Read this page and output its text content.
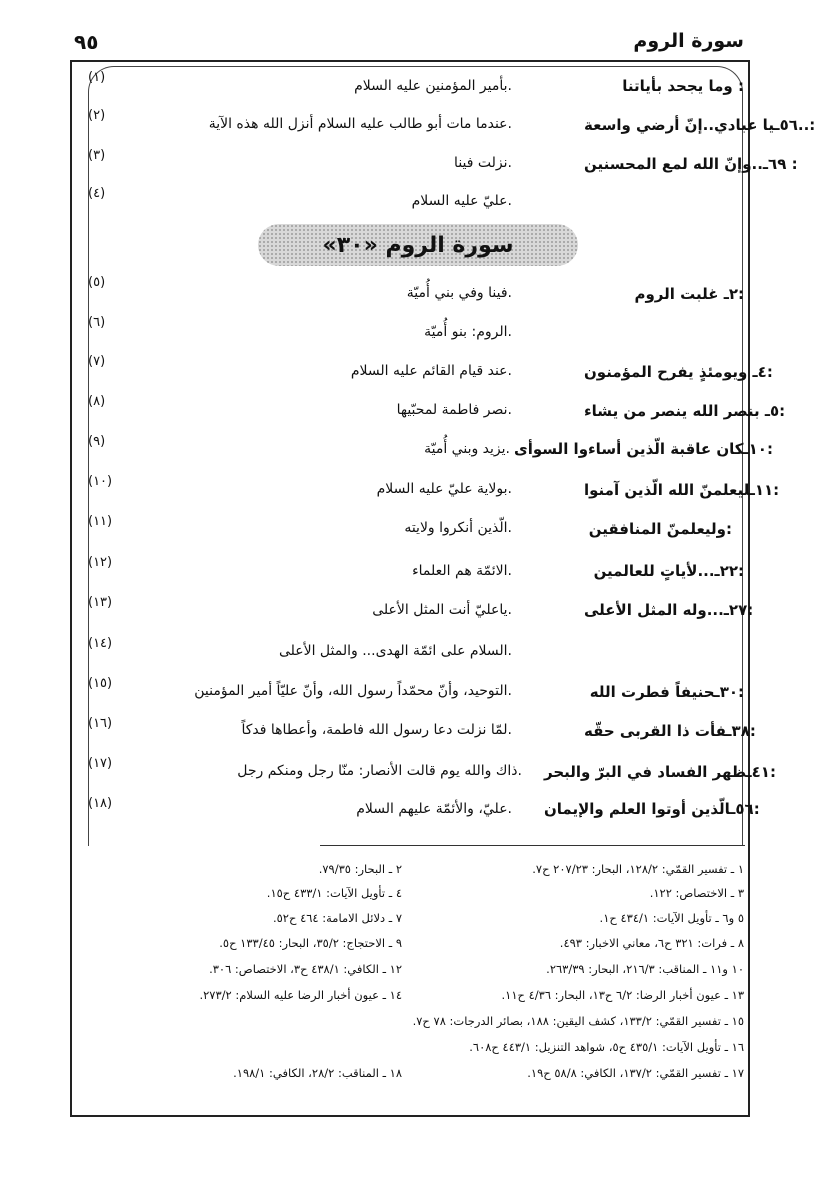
٩٥	سورة الروم
وما يجحد بأياتنا :
بأمير المؤمنين عليه السلام.
(١)
٥٦ـيا عبادي..إنّ أرضي واسعة..:
عندما مات أبو طالب عليه السلام أنزل الله هذه الآية.
(٢)
٦٩ـ..وإنّ الله لمع المحسنين :
نزلت فينا.
(٣)
عليّ عليه السلام.
(٤)
سورة الروم «٣٠»
٢ـ غلبت الروم:
فينا وفي بني أُميّة.
(٥)
الروم: بنو أُميّة.
(٦)
٤ـ ويومئذٍ يفرح المؤمنون:
عند قيام القائم عليه السلام.
(٧)
٥ـ بنصر الله ينصر من يشاء:
نصر فاطمة لمحبّيها.
(٨)
١٠ـكان عاقبة الّذين أساءوا السوأى:
يزيد وبني أُميّة.
(٩)
١١ـليعلمنّ الله الّذين آمنوا:
بولاية عليّ عليه السلام.
(١٠)
وليعلمنّ المنافقين:
الّذين أنكروا ولايته.
(١١)
٢٢ـ...لأياتٍ للعالمين:
الائمّة هم العلماء.
(١٢)
٢٧ـ...وله المثل الأعلى:
ياعليّ أنت المثل الأعلى.
(١٣)
السلام على ائمّة الهدى... والمثل الأعلى.
(١٤)
٣٠ـحنيفاً فطرت الله:
التوحيد، وأنّ محمّداً رسول الله، وأنّ عليّاً أمير المؤمنين.
(١٥)
٣٨ـفأت ذا القربى حقّه:
لمّا نزلت دعا رسول الله فاطمة، وأعطاها فدكاً.
(١٦)
٤١ـظهر الفساد في البرّ والبحر:
ذاك والله يوم قالت الأنصار: منّا رجل ومنكم رجل.
(١٧)
٥٦ـالّذين أوتوا العلم والإيمان:
عليّ، والأئمّة عليهم السلام.
(١٨)
١ ـ تفسير القمّي: ١٢٨/٢، البحار: ٢٠٧/٢٣ ح٧.
٣ ـ الاختصاص: ١٢٢.
٥ و٦ ـ تأويل الآيات: ٤٣٤/١ ح١.
٨ ـ فرات: ٣٢١ ح٦، معاني الاخبار: ٤٩٣.
١٠ و١١ ـ المناقب: ٢١٦/٣، البحار: ٢٦٣/٣٩.
١٣ ـ عيون أخبار الرضا: ٦/٢ ح١٣، البحار: ٤/٣٦ ح١١.
١٥ ـ تفسير القمّي: ١٣٣/٢، كشف اليقين: ١٨٨، بصائر الدرجات: ٧٨ ح٧.
١٦ ـ تأويل الآيات: ٤٣٥/١ ح٥، شواهد التنزيل: ٤٤٣/١ ح٦٠٨.
١٧ ـ تفسير القمّي: ١٣٧/٢، الكافي: ٥٨/٨ ح١٩.
٢ ـ البحار: ٧٩/٣٥.
٤ ـ تأويل الآيات: ٤٣٣/١ ح١٥.
٧ ـ دلائل الامامة: ٤٦٤ ح٥٢.
٩ ـ الاحتجاج: ٣٥/٢، البحار: ١٣٣/٤٥ ح٥.
١٢ ـ الكافي: ٤٣٨/١ ح٣، الاختصاص: ٣٠٦.
١٤ ـ عيون أخبار الرضا عليه السلام: ٢٧٣/٢.
١٨ ـ المناقب: ٢٨/٢، الكافي: ١٩٨/١.
